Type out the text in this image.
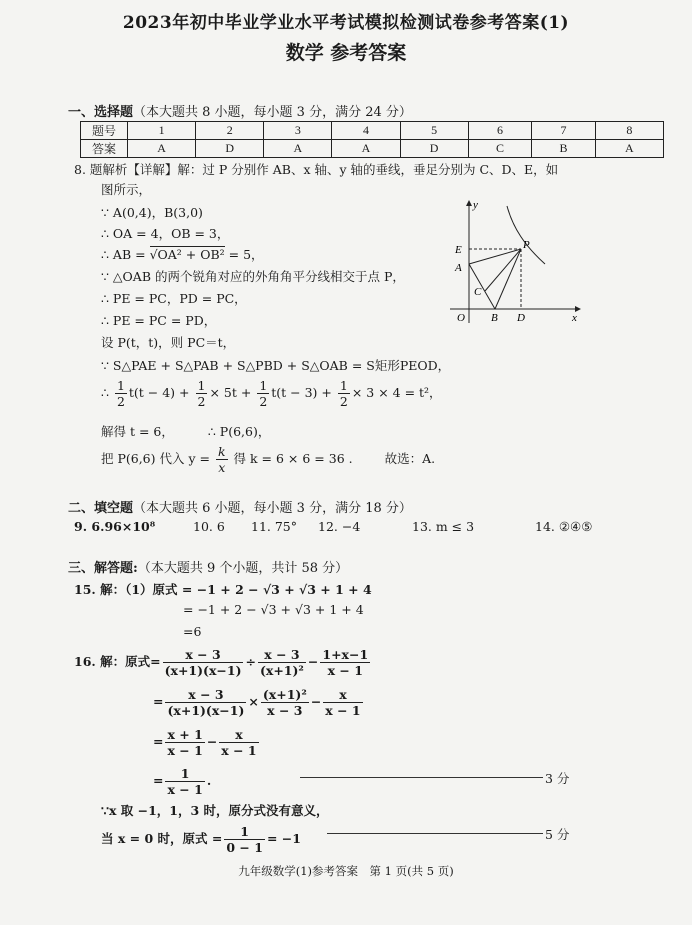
2023年初中毕业学业水平考试模拟检测试卷参考答案(1)
数学 参考答案
一、选择题（本大题共 8 小题，每小题 3 分，满分 24 分）
题号	1	2	3	4	5	6	7	8
答案	A	D	A	A	D	C	B	A
8. 题解析【详解】解：过 P 分别作 AB、x 轴、y 轴的垂线，垂足分别为 C、D、E，如
图所示，
∵ A(0,4)，B(3,0)
∴ OA = 4，OB = 3，
∴ AB = √OA² + OB² = 5，
∵ △OAB 的两个锐角对应的外角角平分线相交于点 P，
∴ PE = PC，PD = PC，
∴ PE = PC = PD，
设 P(t，t)，则 PC＝t，
∵ S△PAE + S△PAB + S△PBD + S△OAB = S矩形PEOD，
∴ $\frac{1}{2} t(t - 4) + \frac{1}{2} \times 5t + \frac{1}{2} t(t - 3) + \frac{1}{2} \times 3 \times 4 = t^2$，
解得 t = 6，	∴ P(6,6)，
把 P(6,6) 代入 $y = \frac{k}{x}$ 得 k = 6 × 6 = 36 .	故选：A.
y
x
E
A
P
C
O B D
二、填空题（本大题共 6 小题，每小题 3 分，满分 18 分）
9. 6.96×10⁸	10. 6 11. 75° 12. −4	13. m ≤ 3	14. ②④⑤
三、解答题:（本大题共 9 个小题，共计 58 分）
15. 解：（1）原式 = −1 + 2 − √3 + √3 + 1 + 4
= −1 + 2 − √3 + √3 + 1 + 4
=6
16. 解：原式= $\frac{x - 3}{(x+1)(x-1)} \div \frac{x - 3}{\text{(x+1)²}} - \frac{1+x-1}{x - 1}$
= $\frac{x - 3}{(x+1)(x-1)} \times \frac{\text{(x+1)²}}{x - 3} - \frac{x}{x - 1}$
= $\frac{x + 1}{x - 1} - \frac{x}{x - 1}$
= $\frac{1}{x - 1}$ .	3 分
∵x 取 −1，1，3 时，原分式没有意义，
当 x = 0 时，原式 = $\frac{1}{0 - 1} = -1$	5 分
九年级数学(1)参考答案　第 1 页(共 5 页)
